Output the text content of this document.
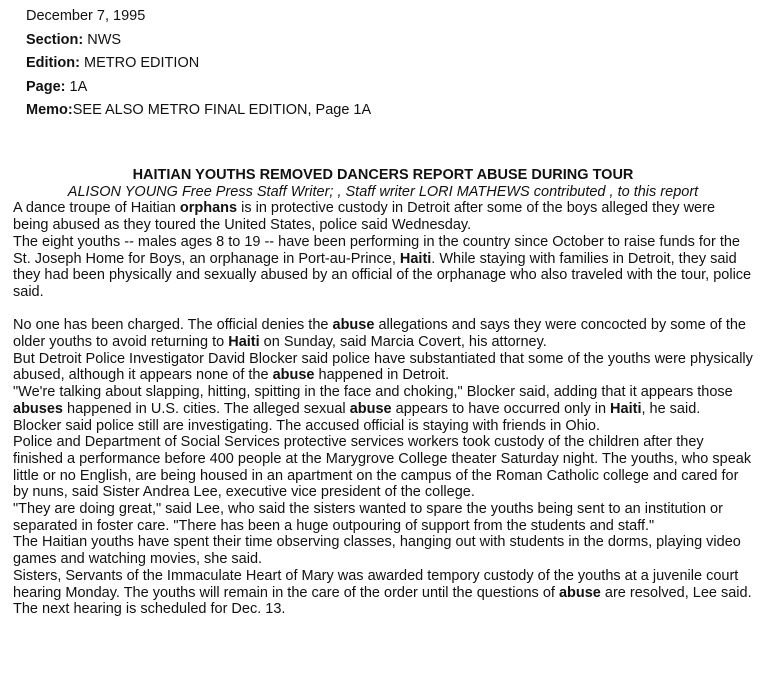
December 7, 1995
Section: NWS
Edition: METRO EDITION
Page: 1A
Memo:SEE ALSO METRO FINAL EDITION, Page 1A
HAITIAN YOUTHS REMOVED DANCERS REPORT ABUSE DURING TOUR
ALISON YOUNG Free Press Staff Writer; , Staff writer LORI MATHEWS contributed , to this report
A dance troupe of Haitian orphans is in protective custody in Detroit after some of the boys alleged they were being abused as they toured the United States, police said Wednesday.
The eight youths -- males ages 8 to 19 -- have been performing in the country since October to raise funds for the St. Joseph Home for Boys, an orphanage in Port-au-Prince, Haiti. While staying with families in Detroit, they said they had been physically and sexually abused by an official of the orphanage who also traveled with the tour, police said.
No one has been charged. The official denies the abuse allegations and says they were concocted by some of the older youths to avoid returning to Haiti on Sunday, said Marcia Covert, his attorney.
But Detroit Police Investigator David Blocker said police have substantiated that some of the youths were physically abused, although it appears none of the abuse happened in Detroit.
"We're talking about slapping, hitting, spitting in the face and choking," Blocker said, adding that it appears those abuses happened in U.S. cities. The alleged sexual abuse appears to have occurred only in Haiti, he said.
Blocker said police still are investigating. The accused official is staying with friends in Ohio.
Police and Department of Social Services protective services workers took custody of the children after they finished a performance before 400 people at the Marygrove College theater Saturday night. The youths, who speak little or no English, are being housed in an apartment on the campus of the Roman Catholic college and cared for by nuns, said Sister Andrea Lee, executive vice president of the college.
"They are doing great," said Lee, who said the sisters wanted to spare the youths being sent to an institution or separated in foster care. "There has been a huge outpouring of support from the students and staff."
The Haitian youths have spent their time observing classes, hanging out with students in the dorms, playing video games and watching movies, she said.
Sisters, Servants of the Immaculate Heart of Mary was awarded tempory custody of the youths at a juvenile court hearing Monday. The youths will remain in the care of the order until the questions of abuse are resolved, Lee said. The next hearing is scheduled for Dec. 13.
